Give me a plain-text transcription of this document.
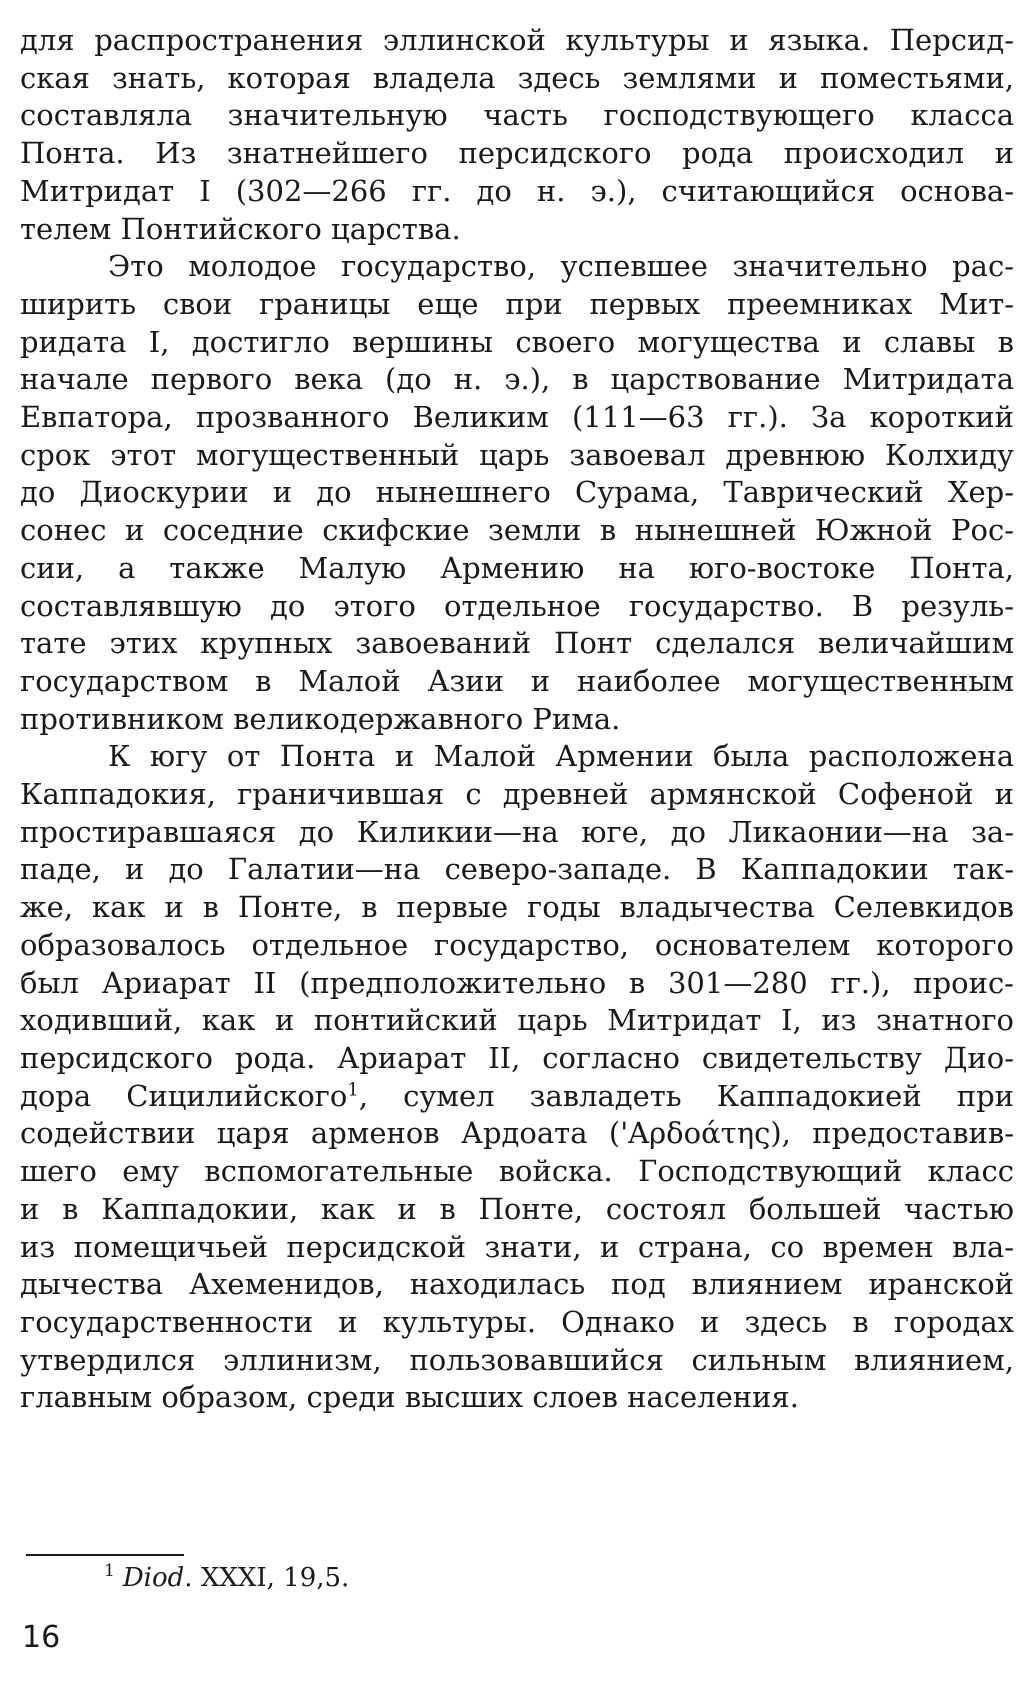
для распространения эллинской культуры и языка. Персид-
ская знать, которая владела здесь землями и поместьями,
составляла значительную часть господствующего класса
Понта. Из знатнейшего персидского рода происходил и
Митридат I (302—266 гг. до н. э.), считающийся основа-
телем Понтийского царства.
Это молодое государство, успевшее значительно рас-
ширить свои границы еще при первых преемниках Мит-
ридата I, достигло вершины своего могущества и славы в
начале первого века (до н. э.), в царствование Митридата
Евпатора, прозванного Великим (111—63 гг.). За короткий
срок этот могущественный царь завоевал древнюю Колхиду
до Диоскурии и до нынешнего Сурама, Таврический Хер-
сонес и соседние скифские земли в нынешней Южной Рос-
сии, а также Малую Армению на юго-востоке Понта,
составлявшую до этого отдельное государство. В резуль-
тате этих крупных завоеваний Понт сделался величайшим
государством в Малой Азии и наиболее могущественным
противником великодержавного Рима.
К югу от Понта и Малой Армении была расположена
Каппадокия, граничившая с древней армянской Софеной и
простиравшаяся до Киликии—на юге, до Ликаонии—на за-
паде, и до Галатии—на северо-западе. В Каппадокии так-
же, как и в Понте, в первые годы владычества Селевкидов
образовалось отдельное государство, основателем которого
был Ариарат II (предположительно в 301—280 гг.), проис-
ходивший, как и понтийский царь Митридат I, из знатного
персидского рода. Ариарат II, согласно свидетельству Дио-
дора Сицилийского$^1$, сумел завладеть Каппадокией при
содействии царя арменов Ардоата ('Αρδοάτης), предоставив-
шего ему вспомогательные войска. Господствующий класс
и в Каппадокии, как и в Понте, состоял большей частью
из помещичьей персидской знати, и страна, со времен вла-
дычества Ахеменидов, находилась под влиянием иранской
государственности и культуры. Однако и здесь в городах
утвердился эллинизм, пользовавшийся сильным влиянием,
главным образом, среди высших слоев населения.
$^1$ Diod. XXXI, 19,5.
16
